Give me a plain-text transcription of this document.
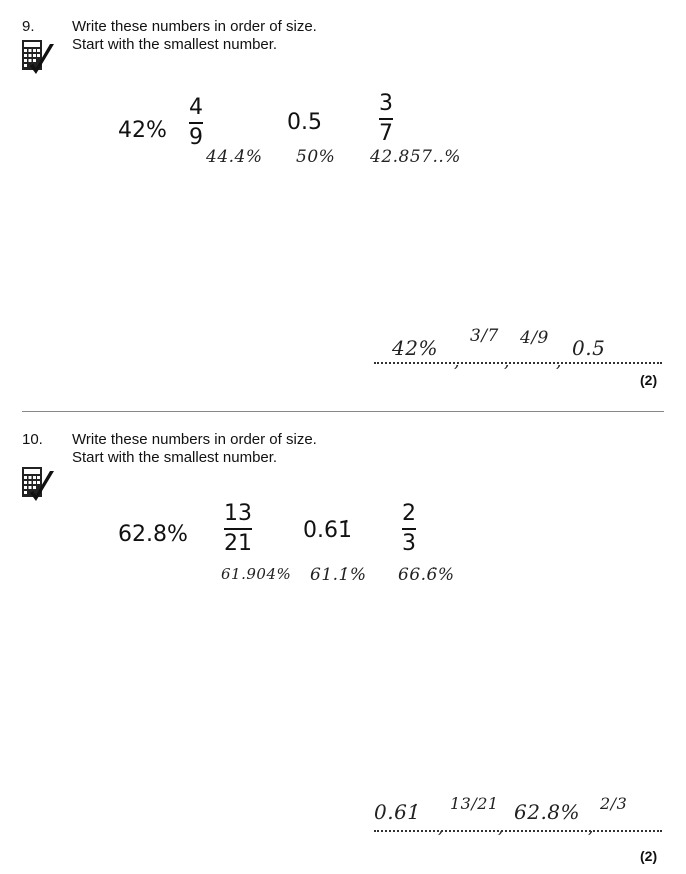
9. Write these numbers in order of size.
Start with the smallest number.
42%
4
9
0.5
3
7
44.4̇% 50% 42.857..%
42% 3/7 4/9 0.5
,	,	,
(2)
10. Write these numbers in order of size.
Start with the smallest number.
62.8%
13
21
0.61̇
2
3
61.904% 61.1̇% 66.6̇%
0.61̇ 13/21 62.8% 2/3
,	,	,
(2)
